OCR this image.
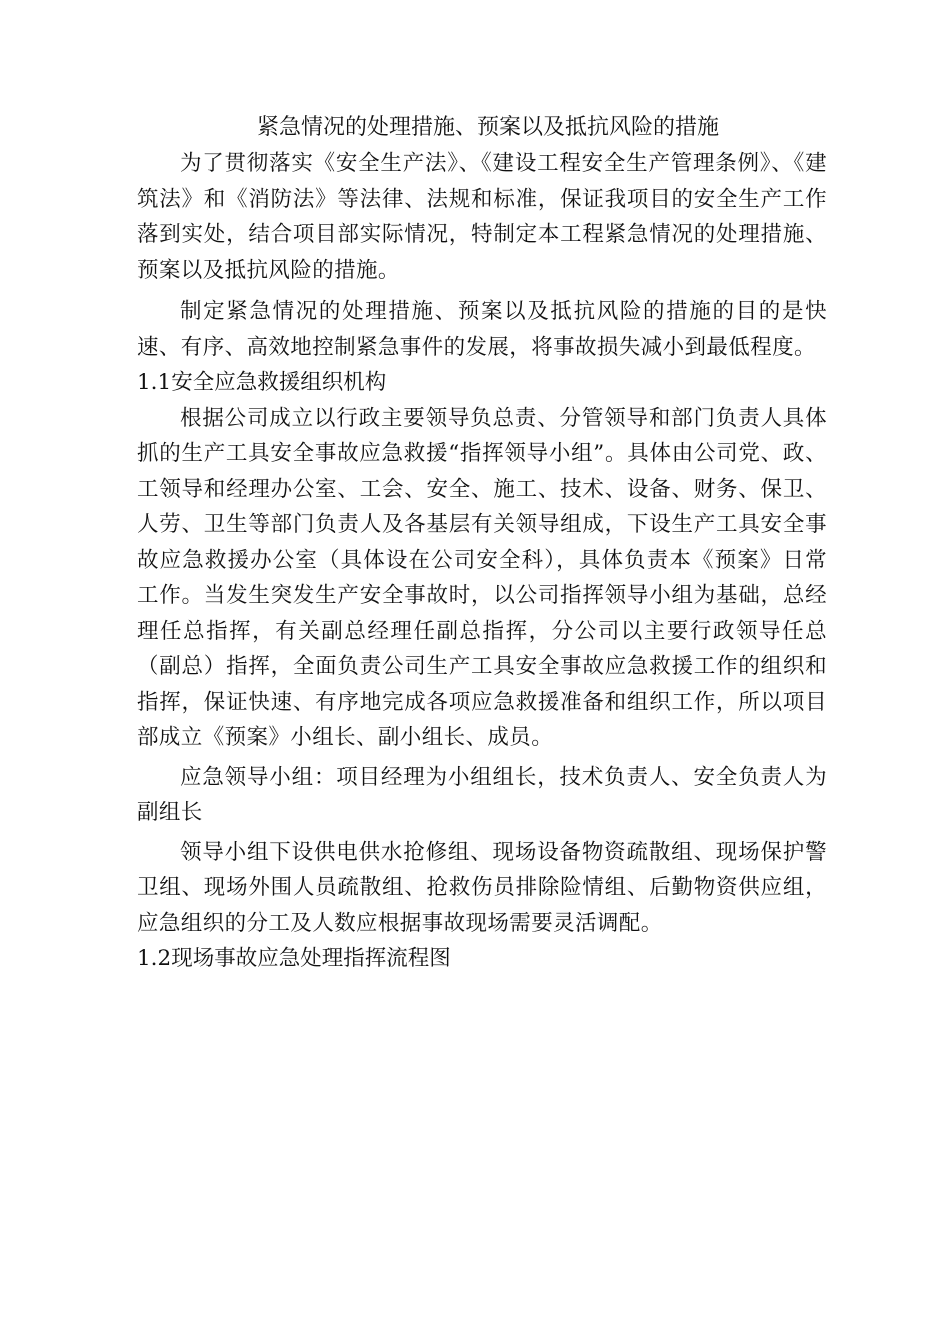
紧急情况的处理措施、预案以及抵抗风险的措施

为了贯彻落实《安全生产法》、《建设工程安全生产管理条例》、《建筑法》和《消防法》等法律、法规和标准，保证我项目的安全生产工作落到实处，结合项目部实际情况，特制定本工程紧急情况的处理措施、预案以及抵抗风险的措施。

制定紧急情况的处理措施、预案以及抵抗风险的措施的目的是快速、有序、高效地控制紧急事件的发展，将事故损失减小到最低程度。

1.1安全应急救援组织机构

根据公司成立以行政主要领导负总责、分管领导和部门负责人具体抓的生产工具安全事故应急救援“指挥领导小组”。具体由公司党、政、工领导和经理办公室、工会、安全、施工、技术、设备、财务、保卫、人劳、卫生等部门负责人及各基层有关领导组成，下设生产工具安全事故应急救援办公室（具体设在公司安全科），具体负责本《预案》日常工作。当发生突发生产安全事故时，以公司指挥领导小组为基础，总经理任总指挥，有关副总经理任副总指挥，分公司以主要行政领导任总（副总）指挥，全面负责公司生产工具安全事故应急救援工作的组织和指挥，保证快速、有序地完成各项应急救援准备和组织工作，所以项目部成立《预案》小组长、副小组长、成员。

应急领导小组：项目经理为小组组长，技术负责人、安全负责人为副组长

领导小组下设供电供水抢修组、现场设备物资疏散组、现场保护警卫组、现场外围人员疏散组、抢救伤员排除险情组、后勤物资供应组，应急组织的分工及人数应根据事故现场需要灵活调配。

1.2现场事故应急处理指挥流程图
